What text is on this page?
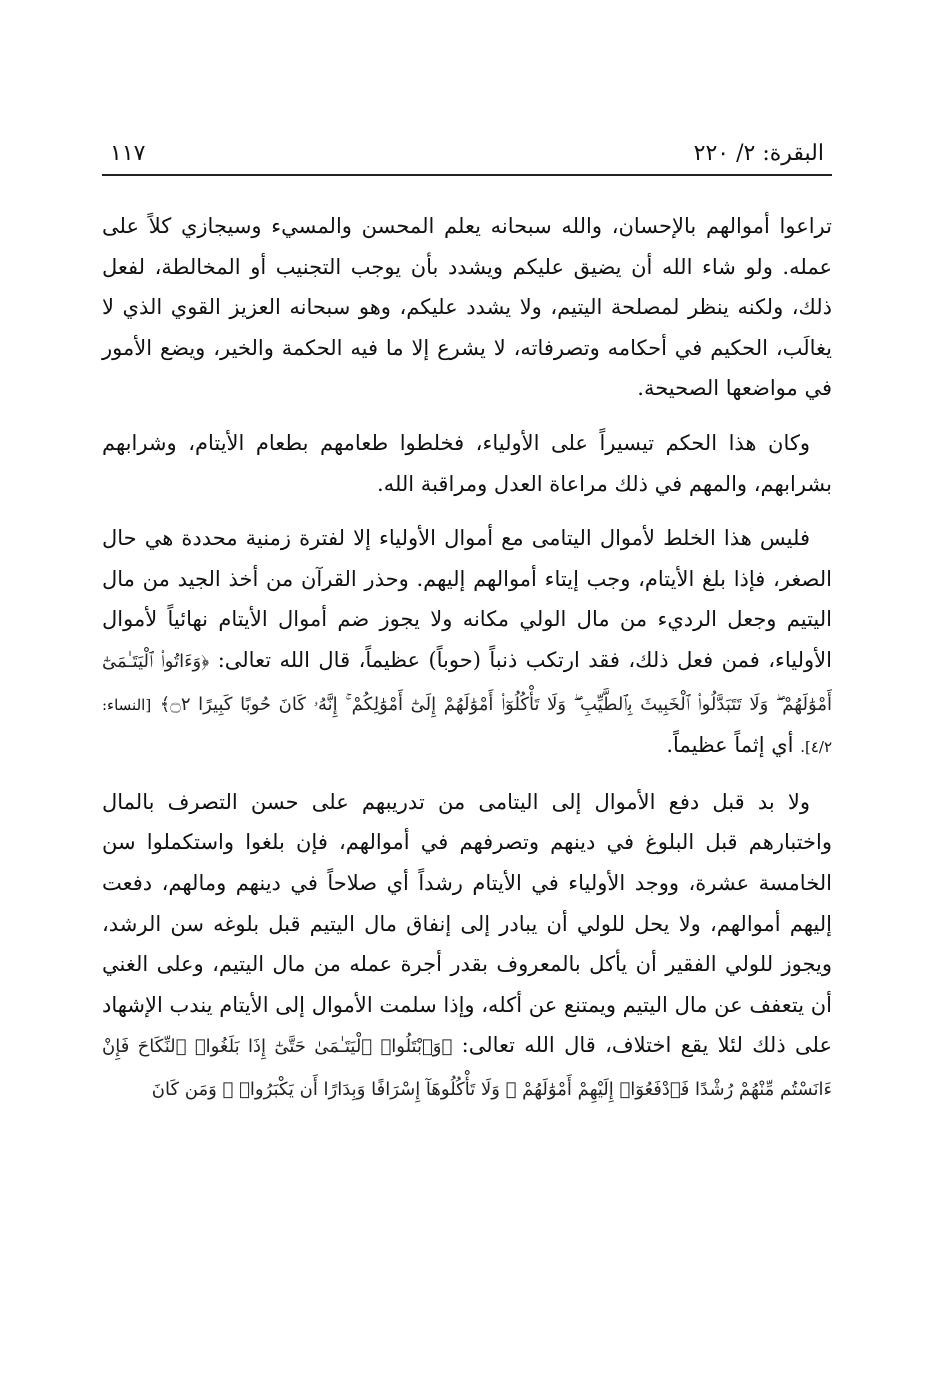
البقرة: ٢/ ٢٢٠
١١٧

تراعوا أموالهم بالإحسان، والله سبحانه يعلم المحسن والمسيء وسيجازي كلاً على عمله. ولو شاء الله أن يضيق عليكم ويشدد بأن يوجب التجنيب أو المخالطة، لفعل ذلك، ولكنه ينظر لمصلحة اليتيم، ولا يشدد عليكم، وهو سبحانه العزيز القوي الذي لا يغالَب، الحكيم في أحكامه وتصرفاته، لا يشرع إلا ما فيه الحكمة والخير، ويضع الأمور في مواضعها الصحيحة.

وكان هذا الحكم تيسيراً على الأولياء، فخلطوا طعامهم بطعام الأيتام، وشرابهم بشرابهم، والمهم في ذلك مراعاة العدل ومراقبة الله.

فليس هذا الخلط لأموال اليتامى مع أموال الأولياء إلا لفترة زمنية محددة هي حال الصغر، فإذا بلغ الأيتام، وجب إيتاء أموالهم إليهم. وحذر القرآن من أخذ الجيد من مال اليتيم وجعل الرديء من مال الولي مكانه ولا يجوز ضم أموال الأيتام نهائياً لأموال الأولياء، فمن فعل ذلك، فقد ارتكب ذنباً (حوباً) عظيماً، قال الله تعالى: ﴿وَءَاتُوا۟ ٱلْيَتَـٰمَىٰٓ أَمْوَٰلَهُمْ ۖ وَلَا تَتَبَدَّلُوا۟ ٱلْخَبِيثَ بِٱلطَّيِّبِ ۖ وَلَا تَأْكُلُوٓا۟ أَمْوَٰلَهُمْ إِلَىٰٓ أَمْوَٰلِكُمْ ۚ إِنَّهُۥ كَانَ حُوبًا كَبِيرًا ۝٢﴾ [النساء: ٤/٢]. أي إثماً عظيماً.

ولا بد قبل دفع الأموال إلى اليتامى من تدريبهم على حسن التصرف بالمال واختبارهم قبل البلوغ في دينهم وتصرفهم في أموالهم، فإن بلغوا واستكملوا سن الخامسة عشرة، ووجد الأولياء في الأيتام رشداً أي صلاحاً في دينهم ومالهم، دفعت إليهم أموالهم، ولا يحل للولي أن يبادر إلى إنفاق مال اليتيم قبل بلوغه سن الرشد، ويجوز للولي الفقير أن يأكل بالمعروف بقدر أجرة عمله من مال اليتيم، وعلى الغني أن يتعفف عن مال اليتيم ويمتنع عن أكله، وإذا سلمت الأموال إلى الأيتام يندب الإشهاد على ذلك لئلا يقع اختلاف، قال الله تعالى: ﴿وَٱبْتَلُوا۟ ٱلْيَتَـٰمَىٰ حَتَّىٰٓ إِذَا بَلَغُوا۟ ٱلنِّكَاحَ فَإِنْ ءَانَسْتُم مِّنْهُمْ رُشْدًا فَٱدْفَعُوٓا۟ إِلَيْهِمْ أَمْوَٰلَهُمْ ۖ وَلَا تَأْكُلُوهَآ إِسْرَافًا وَبِدَارًا أَن يَكْبَرُوا۟ ۚ وَمَن كَانَ
